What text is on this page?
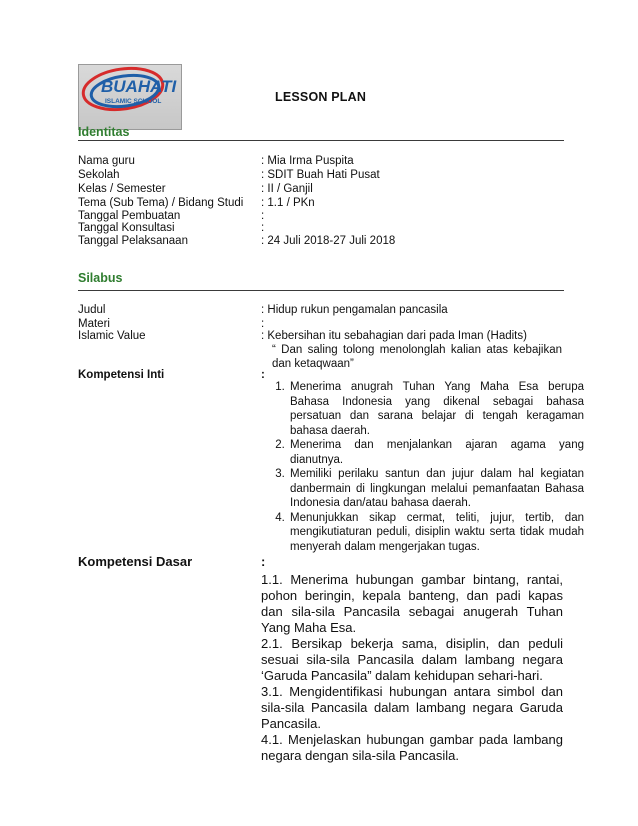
BUAHATI
ISLAMIC SCHOOL	LESSON PLAN
Identitas
Nama guru	: Mia Irma Puspita
Sekolah	: SDIT Buah Hati Pusat
Kelas / Semester	: II / Ganjil
Tema (Sub Tema) / Bidang Studi : 1.1 / PKn
Tanggal Pembuatan	:
Tanggal Konsultasi	:
Tanggal Pelaksanaan	: 24 Juli 2018-27 Juli 2018
Silabus
Judul	: Hidup rukun pengamalan pancasila
Materi	:
Islamic Value	: Kebersihan itu sebahagian dari pada Iman (Hadits)
“ Dan saling tolong menolonglah kalian atas kebajikan dan ketaqwaan”
Kompetensi Inti	:
1. Menerima anugrah Tuhan Yang Maha Esa berupa Bahasa Indonesia yang dikenal sebagai bahasa persatuan dan sarana belajar di tengah keragaman bahasa daerah.
2. Menerima dan menjalankan ajaran agama yang dianutnya.
3. Memiliki perilaku santun dan jujur dalam hal kegiatan danbermain di lingkungan melalui pemanfaatan Bahasa Indonesia dan/atau bahasa daerah.
4. Menunjukkan sikap cermat, teliti, jujur, tertib, dan mengikutiaturan peduli, disiplin waktu serta tidak mudah menyerah dalam mengerjakan tugas.
Kompetensi Dasar	:

1.1. Menerima hubungan gambar bintang, rantai, pohon beringin, kepala banteng, dan padi kapas dan sila-sila Pancasila sebagai anugerah Tuhan Yang Maha Esa.

2.1. Bersikap bekerja sama, disiplin, dan peduli sesuai sila-sila Pancasila dalam lambang negara ‘Garuda Pancasila” dalam kehidupan sehari-hari.

3.1. Mengidentifikasi hubungan antara simbol dan sila-sila Pancasila dalam lambang negara Garuda Pancasila.

4.1. Menjelaskan hubungan gambar pada lambang negara dengan sila-sila Pancasila.
